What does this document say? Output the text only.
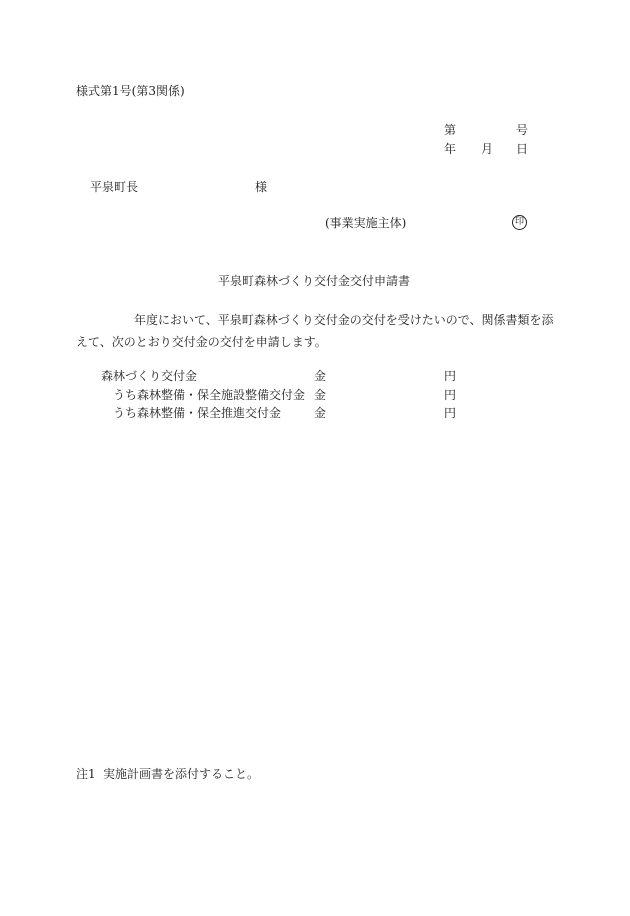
様式第1号(第3関係)
第	号
年 月 日
平泉町長	様
(事業実施主体)	印
平泉町森林づくり交付金交付申請書
年度において、平泉町森林づくり交付金の交付を受けたいので、関係書類を添
えて、次のとおり交付金の交付を申請します。
森林づくり交付金	金	円
うち森林整備・保全施設整備交付金 金	円
うち森林整備・保全推進交付金	金	円
注1 実施計画書を添付すること。
